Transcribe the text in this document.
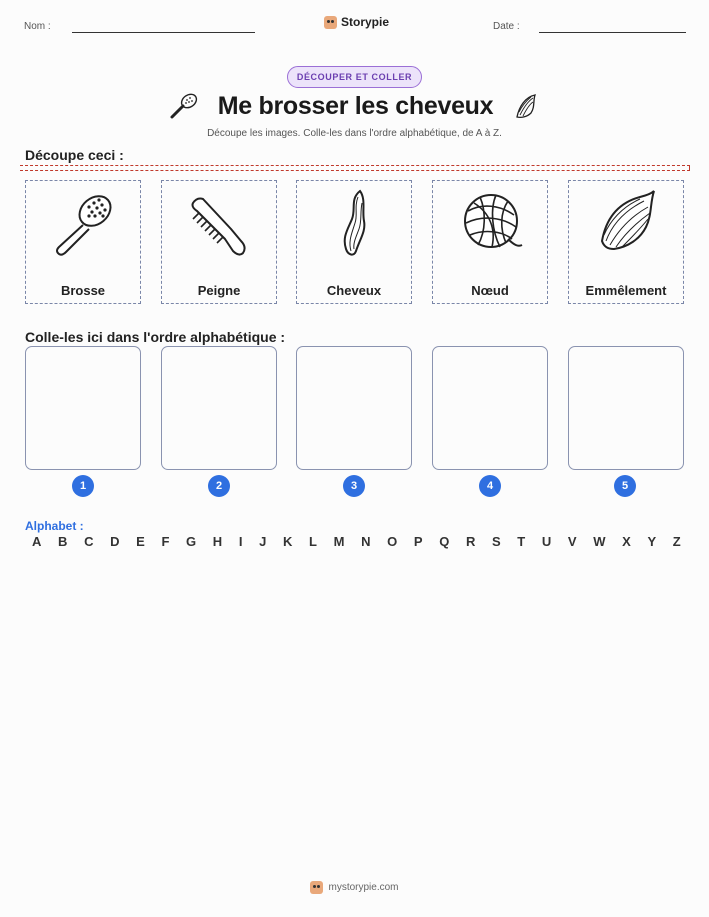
Nom :	Storypie	Date :
DÉCOUPER ET COLLER
Me brosser les cheveux
Découpe les images. Colle-les dans l'ordre alphabétique, de A à Z.
Découpe ceci :
Brosse	Peigne	Cheveux	Nœud	Emmêlement
Colle-les ici dans l'ordre alphabétique :
1	2	3	4	5
Alphabet :
A B C D E F G H I J K L M N O P Q R S T U V W X Y Z
mystorypie.com
